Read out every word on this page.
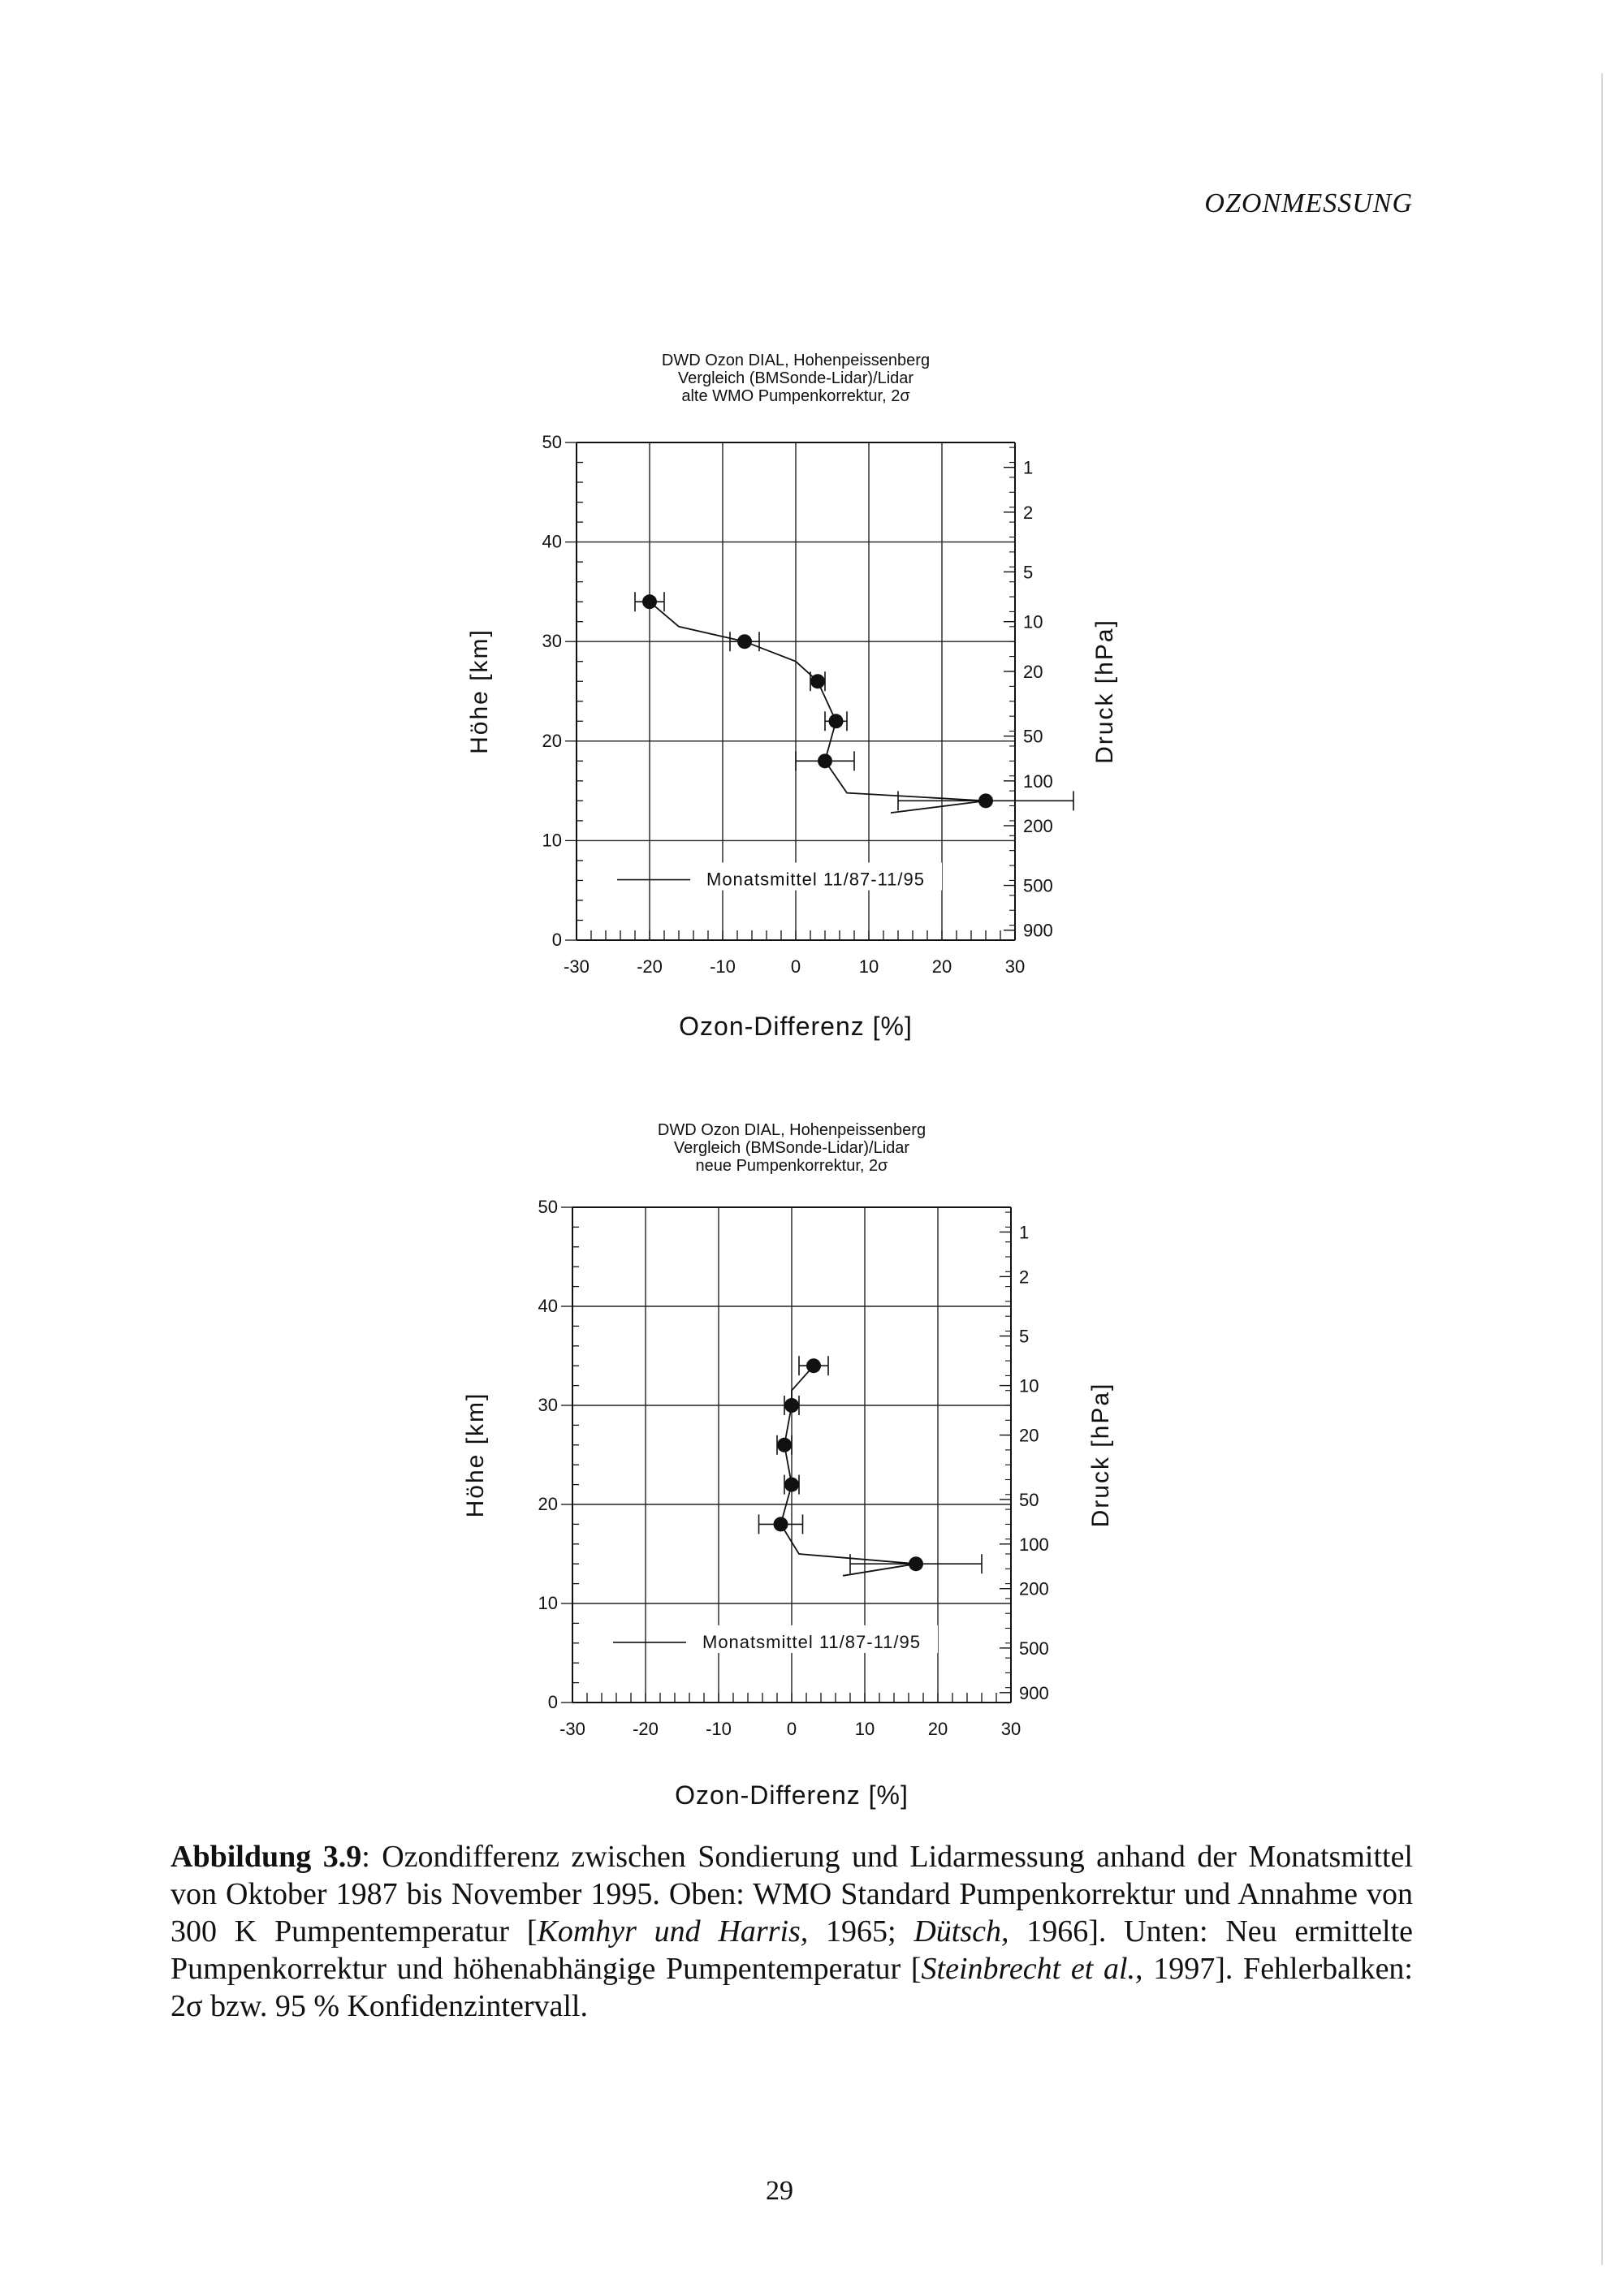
OZONMESSUNG
DWD Ozon DIAL, Hohenpeissenberg
Vergleich (BMSonde-Lidar)/Lidar
alte WMO Pumpenkorrektur, 2σ
0
10
20
30
40
50
-30	-20	-10	0	10	20	30
1
2
5
10
20
50
100
200
500
900
Höhe [km]	Druck [hPa]
Ozon-Differenz [%]
Monatsmittel 11/87-11/95
DWD Ozon DIAL, Hohenpeissenberg
Vergleich (BMSonde-Lidar)/Lidar
neue Pumpenkorrektur, 2σ
0
10
20
30
40
50
-30	-20	-10	0	10	20	30
1
2
5
10
20
50
100
200
500
900
Höhe [km]	Druck [hPa]
Ozon-Differenz [%]
Monatsmittel 11/87-11/95
Abbildung 3.9: Ozondifferenz zwischen Sondierung und Lidarmessung anhand der Monatsmittel von Oktober 1987 bis November 1995. Oben: WMO Standard Pumpenkorrektur und Annahme von 300 K Pumpentemperatur [Komhyr und Harris, 1965; Dütsch, 1966]. Unten: Neu ermittelte Pumpenkorrektur und höhenabhängige Pumpentemperatur [Steinbrecht et al., 1997]. Fehlerbalken: 2σ bzw. 95 % Konfidenzintervall.
29
